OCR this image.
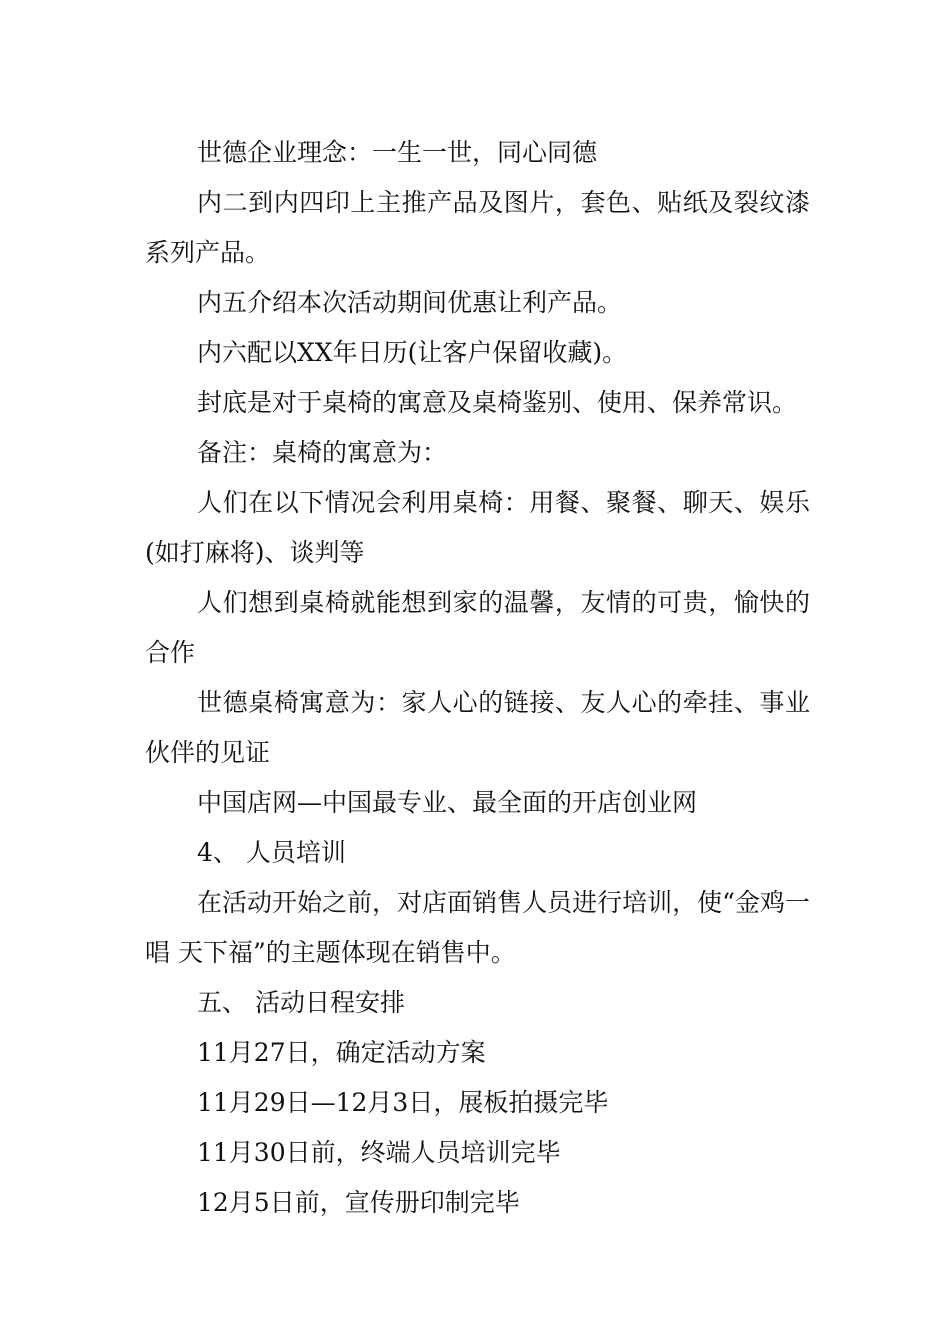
世德企业理念：一生一世，同心同德

内二到内四印上主推产品及图片，套色、贴纸及裂纹漆系列产品。

内五介绍本次活动期间优惠让利产品。

内六配以XX年日历(让客户保留收藏)。

封底是对于桌椅的寓意及桌椅鉴别、使用、保养常识。

备注：桌椅的寓意为：

人们在以下情况会利用桌椅：用餐、聚餐、聊天、娱乐(如打麻将)、谈判等

人们想到桌椅就能想到家的温馨，友情的可贵，愉快的合作

世德桌椅寓意为：家人心的链接、友人心的牵挂、事业伙伴的见证

中国店网—中国最专业、最全面的开店创业网

4、 人员培训

在活动开始之前，对店面销售人员进行培训，使“金鸡一唱 天下福”的主题体现在销售中。

五、 活动日程安排

11月27日，确定活动方案

11月29日—12月3日，展板拍摄完毕

11月30日前，终端人员培训完毕

12月5日前，宣传册印制完毕
